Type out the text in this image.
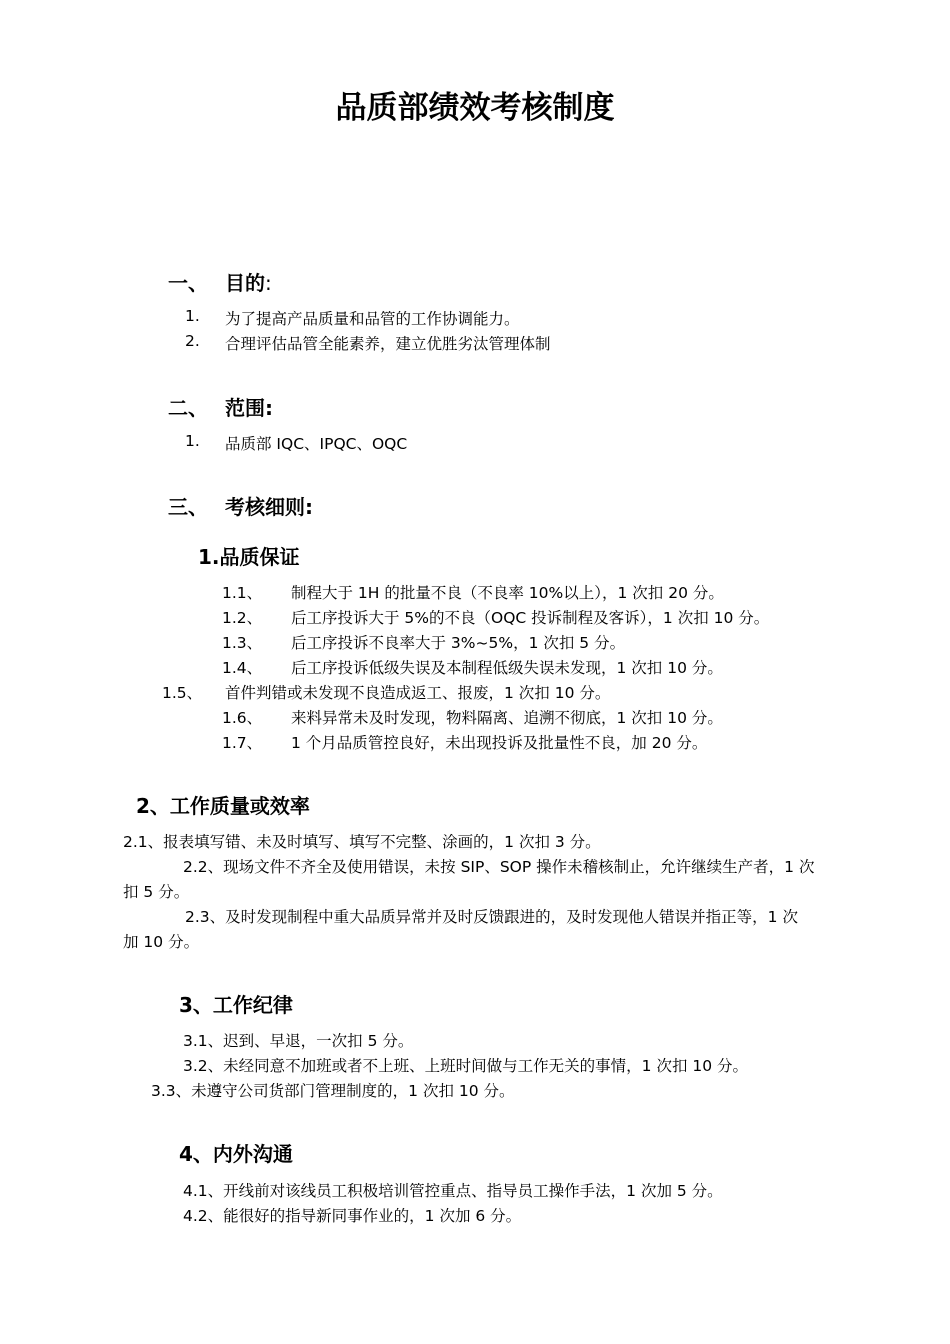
品质部绩效考核制度
一、 目的:
1. 为了提高产品质量和品管的工作协调能力。
2. 合理评估品管全能素养，建立优胜劣汰管理体制
二、 范围:
1. 品质部 IQC、IPQC、OQC
三、 考核细则:
1.品质保证
1.1、 制程大于 1H 的批量不良（不良率 10%以上），1 次扣 20 分。
1.2、 后工序投诉大于 5%的不良（OQC 投诉制程及客诉），1 次扣 10 分。
1.3、 后工序投诉不良率大于 3%~5%，1 次扣 5 分。
1.4、 后工序投诉低级失误及本制程低级失误未发现，1 次扣 10 分。
1.5、 首件判错或未发现不良造成返工、报废，1 次扣 10 分。
1.6、 来料异常未及时发现，物料隔离、追溯不彻底，1 次扣 10 分。
1.7、 1 个月品质管控良好，未出现投诉及批量性不良，加 20 分。
2、工作质量或效率
2.1、报表填写错、未及时填写、填写不完整、涂画的，1 次扣 3 分。
2.2、现场文件不齐全及使用错误，未按 SIP、SOP 操作未稽核制止，允许继续生产者，1 次
扣 5 分。
2.3、及时发现制程中重大品质异常并及时反馈跟进的，及时发现他人错误并指正等，1 次
加 10 分。
3、工作纪律
3.1、迟到、早退，一次扣 5 分。
3.2、未经同意不加班或者不上班、上班时间做与工作无关的事情，1 次扣 10 分。
3.3、未遵守公司货部门管理制度的，1 次扣 10 分。
4、内外沟通
4.1、开线前对该线员工积极培训管控重点、指导员工操作手法，1 次加 5 分。
4.2、能很好的指导新同事作业的，1 次加 6 分。
